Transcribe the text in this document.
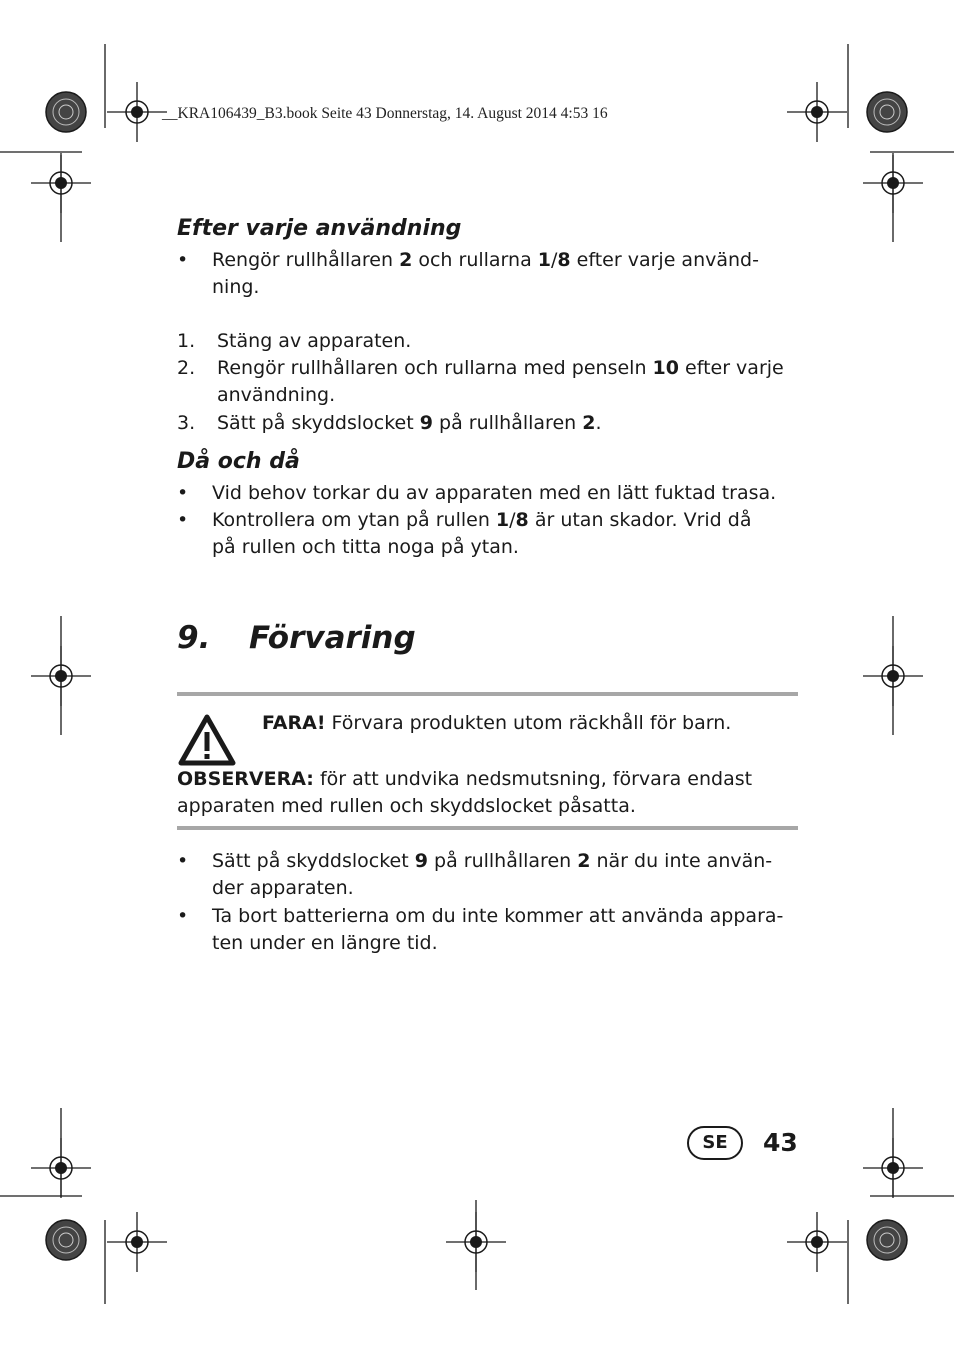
__KRA106439_B3.book Seite 43 Donnerstag, 14. August 2014 4:53 16
Efter varje användning
•	Rengör rullhållaren 2 och rullarna 1/8 efter varje använd-
ning.
1. Stäng av apparaten.
2. Rengör rullhållaren och rullarna med penseln 10 efter varje
användning.
3. Sätt på skyddslocket 9 på rullhållaren 2.
Då och då
•	Vid behov torkar du av apparaten med en lätt fuktad trasa.
•	Kontrollera om ytan på rullen 1/8 är utan skador. Vrid då
på rullen och titta noga på ytan.
9. Förvaring
FARA! Förvara produkten utom räckhåll för barn.
OBSERVERA: för att undvika nedsmutsning, förvara endast
apparaten med rullen och skyddslocket påsatta.
•	Sätt på skyddslocket 9 på rullhållaren 2 när du inte använ-
der apparaten.
•	Ta bort batterierna om du inte kommer att använda appara-
ten under en längre tid.
SE	43
